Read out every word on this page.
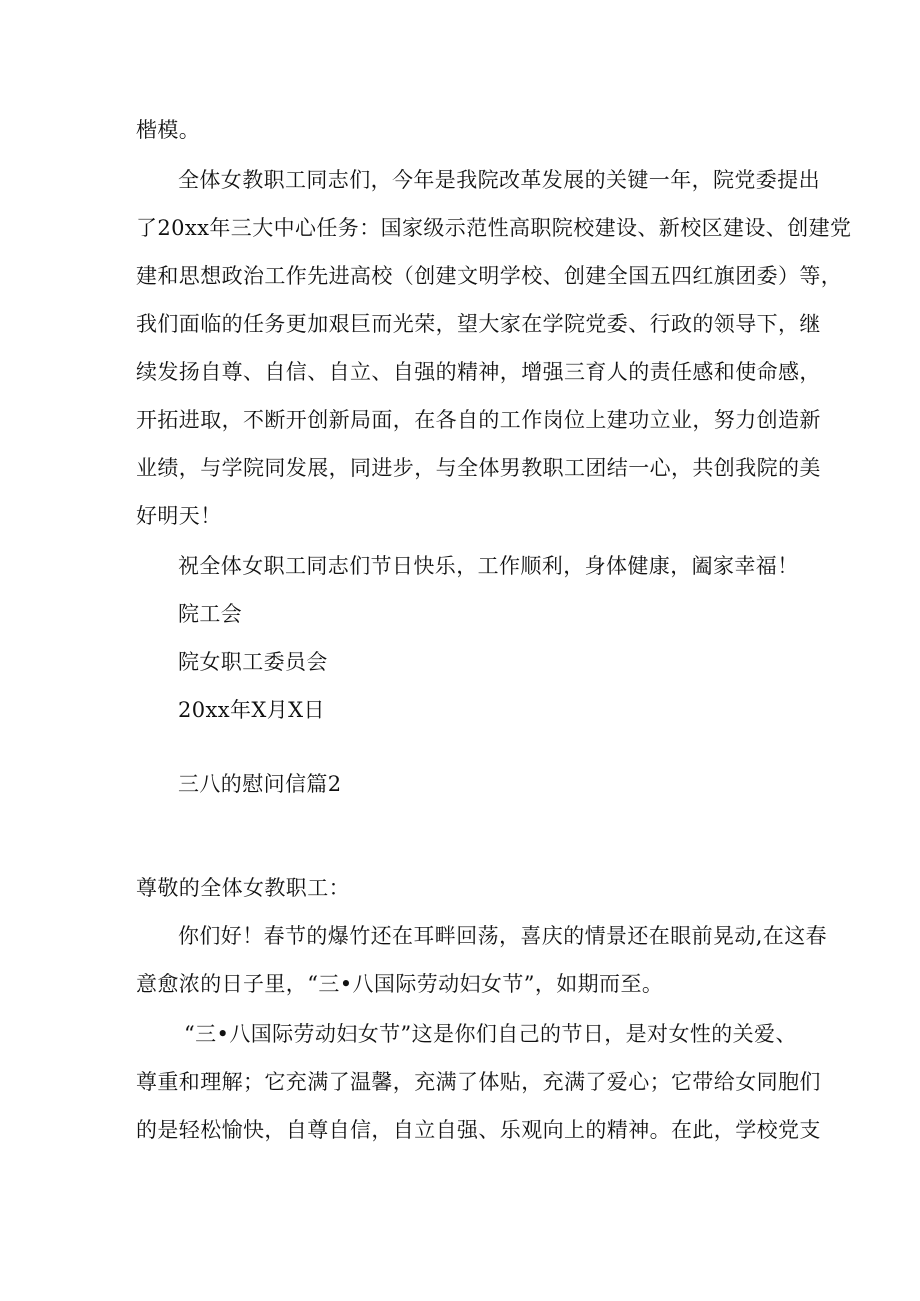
楷模。
全体女教职工同志们，今年是我院改革发展的关键一年，院党委提出
了20xx年三大中心任务：国家级示范性高职院校建设、新校区建设、创建党
建和思想政治工作先进高校（创建文明学校、创建全国五四红旗团委）等，
我们面临的任务更加艰巨而光荣，望大家在学院党委、行政的领导下，继
续发扬自尊、自信、自立、自强的精神，增强三育人的责任感和使命感，
开拓进取，不断开创新局面，在各自的工作岗位上建功立业，努力创造新
业绩，与学院同发展，同进步，与全体男教职工团结一心，共创我院的美
好明天！
祝全体女职工同志们节日快乐，工作顺利，身体健康，阖家幸福！
院工会
院女职工委员会
20xx年X月X日
三八的慰问信篇2
尊敬的全体女教职工：
你们好！春节的爆竹还在耳畔回荡，喜庆的情景还在眼前晃动,在这春
意愈浓的日子里，“三•八国际劳动妇女节”，如期而至。
“三•八国际劳动妇女节”这是你们自己的节日，是对女性的关爱、
尊重和理解；它充满了温馨，充满了体贴，充满了爱心；它带给女同胞们
的是轻松愉快，自尊自信，自立自强、乐观向上的精神。在此，学校党支
